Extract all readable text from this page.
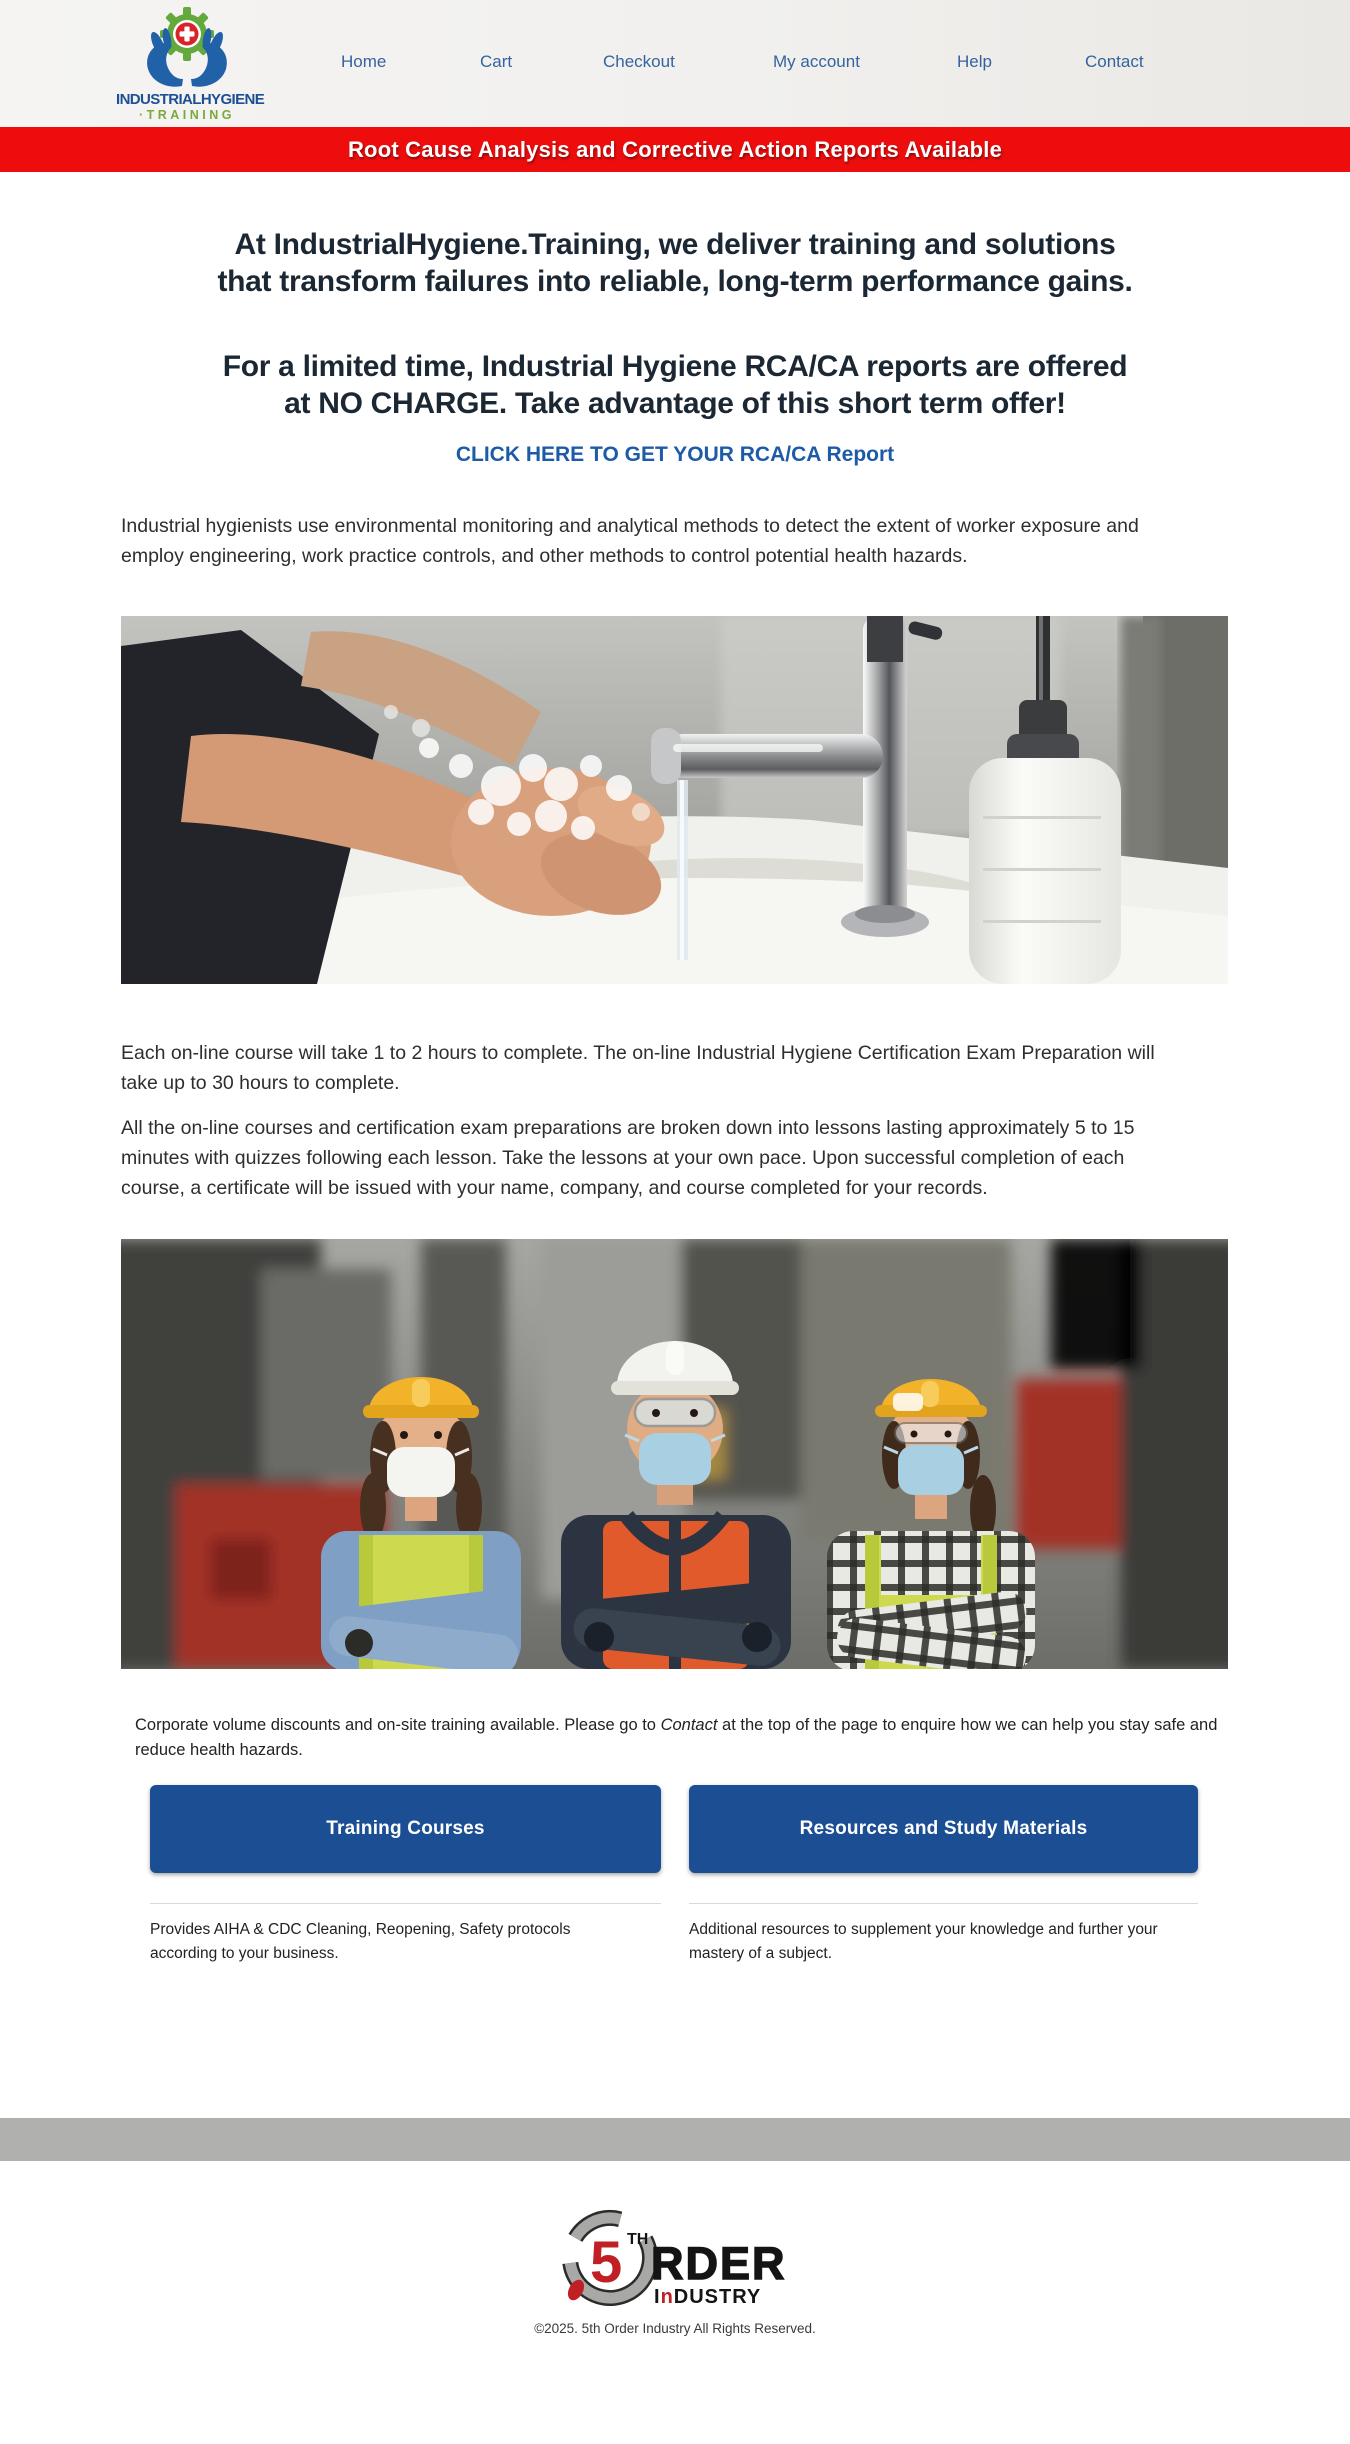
INDUSTRIALHYGIENE
·TRAINING
Home	Cart	Checkout	My account	Help	Contact
Root Cause Analysis and Corrective Action Reports Available
At IndustrialHygiene.Training, we deliver training and solutions
that transform failures into reliable, long-term performance gains.
For a limited time, Industrial Hygiene RCA/CA reports are offered
at NO CHARGE. Take advantage of this short term offer!
CLICK HERE TO GET YOUR RCA/CA Report

Industrial hygienists use environmental monitoring and analytical methods to detect the extent of worker exposure and employ engineering, work practice controls, and other methods to control potential health hazards.

Each on-line course will take 1 to 2 hours to complete. The on-line Industrial Hygiene Certification Exam Preparation will take up to 30 hours to complete.

All the on-line courses and certification exam preparations are broken down into lessons lasting approximately 5 to 15 minutes with quizzes following each lesson. Take the lessons at your own pace. Upon successful completion of each course, a certificate will be issued with your name, company, and course completed for your records.

Corporate volume discounts and on-site training available. Please go to Contact at the top of the page to enquire how we can help you stay safe and reduce health hazards.

Training Courses

Provides AIHA & CDC Cleaning, Reopening, Safety protocols according to your business.

Resources and Study Materials

Additional resources to supplement your knowledge and further your mastery of a subject.

5 TH RDER
InDUSTRY
©2025. 5th Order Industry All Rights Reserved.
